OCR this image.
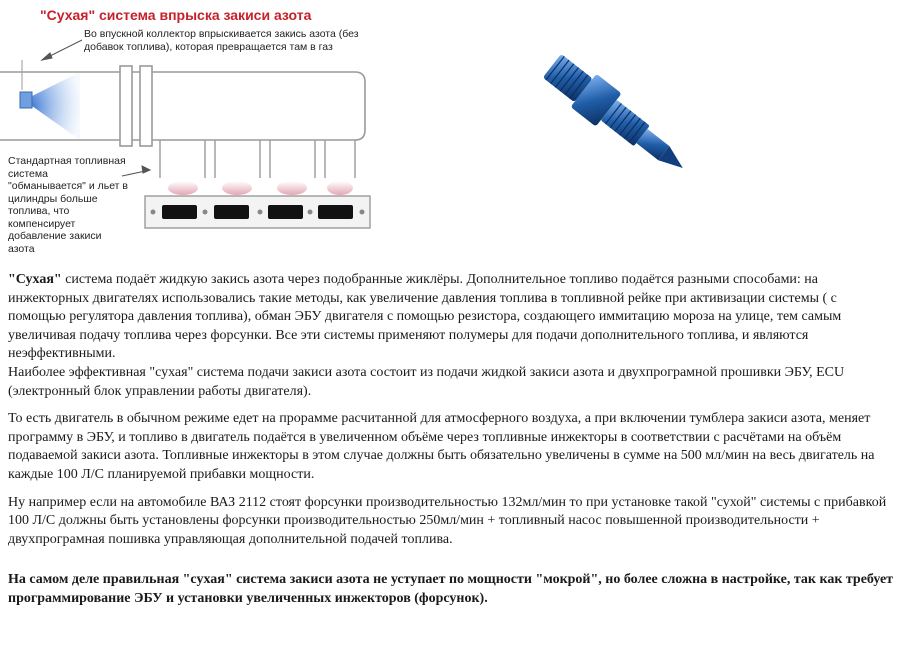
"Сухая" система впрыска закиси азота
Во впускной коллектор впрыскивается закись азота (без добавок топлива), которая превращается там в газ
Стандартная топливная система "обманывается" и льет в цилиндры больше топлива, что компенсирует добавление закиси азота

"Сухая" система подаёт жидкую закись азота через подобранные жиклёры. Дополнительное топливо подаётся разными способами: на инжекторных двигателях использовались такие методы, как увеличение давления топлива в топливной рейке при активизации системы ( с помощью регулятора давления топлива), обман ЭБУ двигателя с помощью резистора, создающего иммитацию мороза на улице, тем самым увеличивая подачу топлива через форсунки. Все эти системы применяют полумеры для подачи дополнительного топлива, и являются неэффективными.
Наиболее эффективная "сухая" система подачи закиси азота состоит из подачи жидкой закиси азота и двухпрограмной прошивки ЭБУ, ECU (электронный блок управлении работы двигателя).

То есть двигатель в обычном режиме едет на прорамме расчитанной для атмосферного воздуха, а при включении тумблера закиси азота, меняет программу в ЭБУ, и топливо в двигатель подаётся в увеличенном объёме через топливные инжекторы в соответствии с расчётами на объём подаваемой закиси азота. Топливные инжекторы в этом случае должны быть обязательно увеличены в сумме на 500 мл/мин на весь двигатель на каждые 100 Л/С планируемой прибавки мощности.

Ну например если на автомобиле ВАЗ 2112 стоят форсунки производительностью 132мл/мин то при установке такой "сухой" системы с прибавкой 100 Л/С должны быть установлены форсунки производительностью 250мл/мин + топливный насос повышенной производительности + двухпрограмная пошивка управляющая дополнительной подачей топлива.

На самом деле правильная "сухая" система закиси азота не уступает по мощности "мокрой", но более сложна в настройке, так как требует программирование ЭБУ и установки увеличенных инжекторов (форсунок).
